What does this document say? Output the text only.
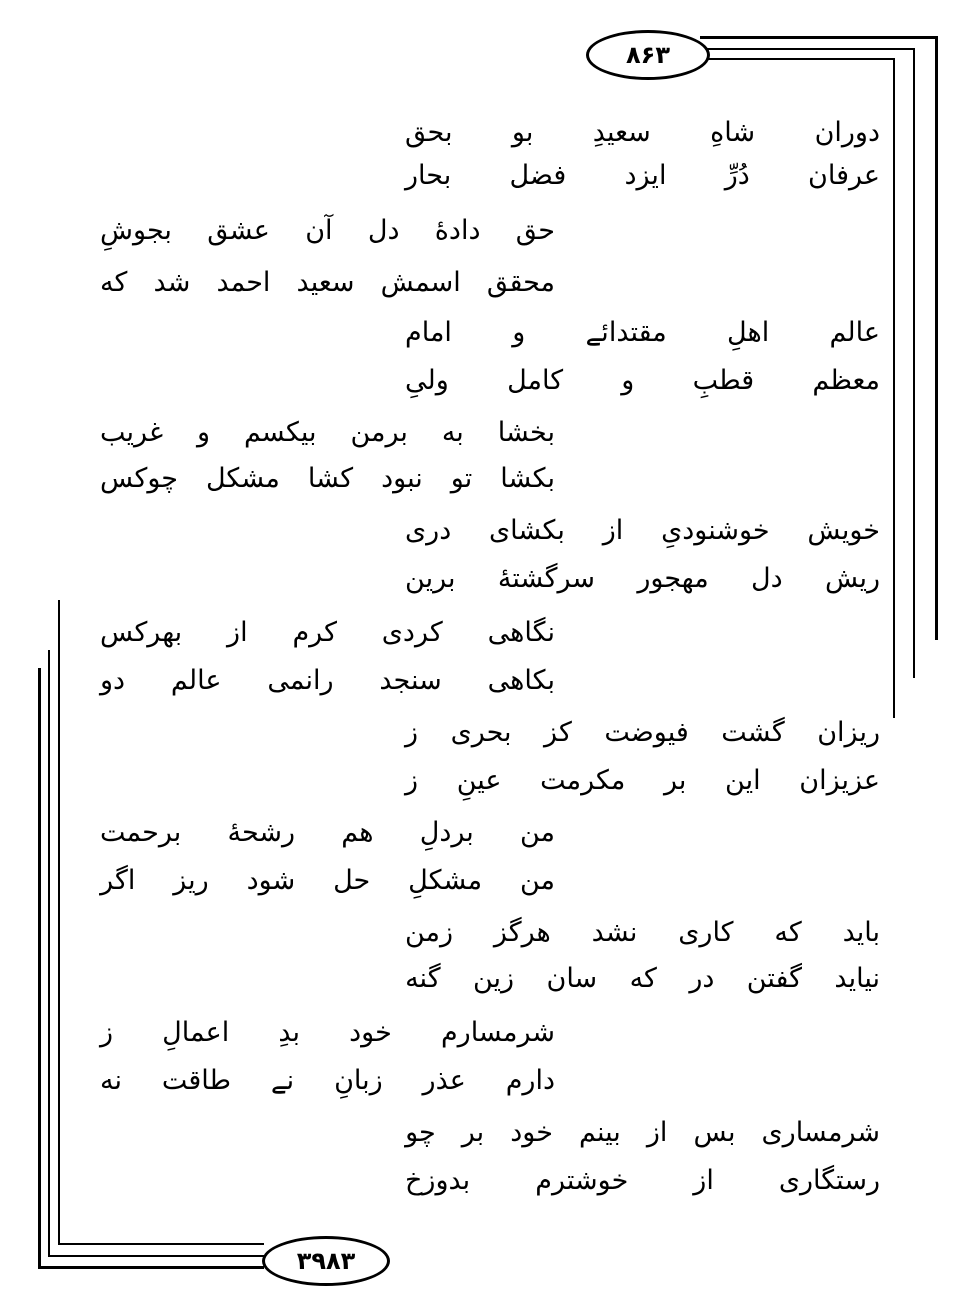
۸۶۳
۳۹۸۳
بحق بو سعیدِ شاهِ دوران
بحار فضل ایزد دُرِّ عرفان
بجوشِ عشق آن دل دادهٔ حق
که شد احمد سعید اسمش محقق
امام و مقتدائے اهلِ عالم
ولیِ کامل و قطبِ معظم
غریب و بیکسم برمن به بخشا
چوکس مشکل کشا نبود تو بکشا
دری بکشای از خوشنودیِ خویش
برین سرگشتهٔ مهجور دل ریش
بهرکس از کرم کردی نگاهی
دو عالم رانمی سنجد بکاهی
ز بحری کز فیوضت گشت ریزان
ز عینِ مکرمت بر این عزیزان
برحمت رشحهٔ هم بردلِ من
اگر ریز شود حل مشکلِ من
زمن هرگز نشد کاری که باید
گنه زین سان که در گفتن نیاید
ز اعمالِ بدِ خود شرمسارم
نه طاقت نے زبانِ عذر دارم
چو بر خود بینم از بس شرمساری
بدوزخ خوشترم از رستگاری
